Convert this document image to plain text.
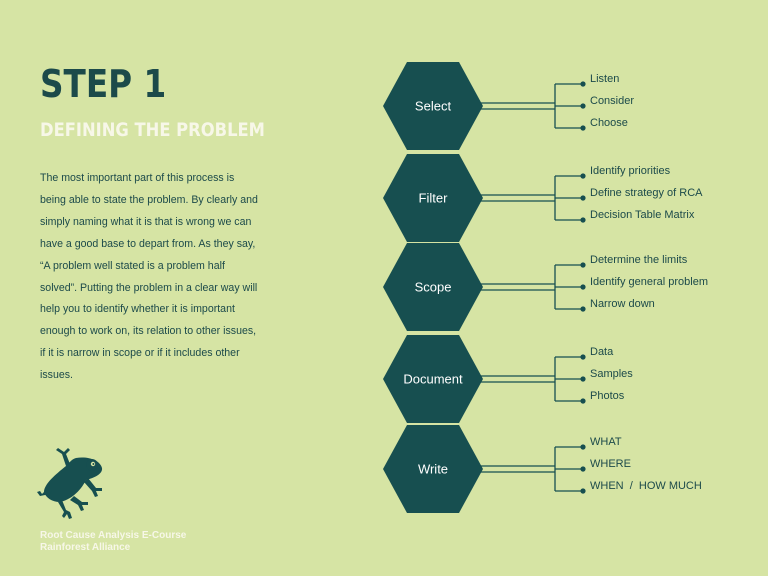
STEP 1
DEFINING THE PROBLEM

The most important part of this process is being able to state the problem. By clearly and simply naming what it is that is wrong we can have a good base to depart from. As they say, “A problem well stated is a problem half solved”. Putting the problem in a clear way will help you to identify whether it is important enough to work on, its relation to other issues, if it is narrow in scope or if it includes other issues.

Root Cause Analysis E-Course
Rainforest Alliance
Select
Listen
Consider
Choose
Filter
Identify priorities
Define strategy of RCA
Decision Table Matrix
Scope
Determine the limits
Identify general problem
Narrow down
Document
Data
Samples
Photos
Write
WHAT
WHERE
WHEN  /  HOW MUCH
